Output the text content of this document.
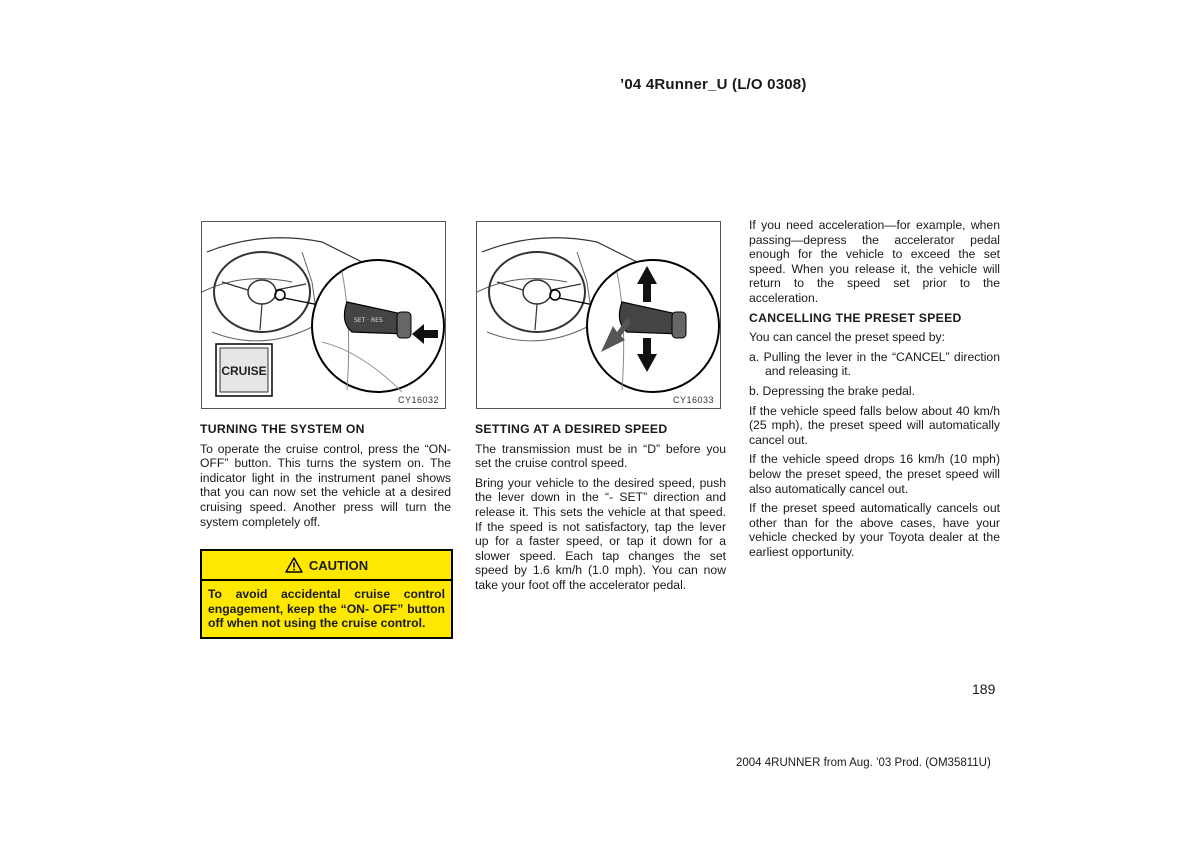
’04 4Runner_U (L/O 0308)
SET · RES
CRUISE
CY16032	CY16033
TURNING THE SYSTEM ON

To operate the cruise control, press the “ON- OFF” button. This turns the system on. The indicator light in the instrument panel shows that you can now set the vehicle at a desired cruising speed. Another press will turn the system completely off.

CAUTION
To avoid accidental cruise control engagement, keep the “ON- OFF” button off when not using the cruise control.
SETTING AT A DESIRED SPEED

The transmission must be in “D” before you set the cruise control speed.

Bring your vehicle to the desired speed, push the lever down in the “- SET” direction and release it. This sets the vehicle at that speed. If the speed is not satisfactory, tap the lever up for a faster speed, or tap it down for a slower speed. Each tap changes the set speed by 1.6 km/h (1.0 mph). You can now take your foot off the accelerator pedal.

If you need acceleration—for example, when passing—depress the accelerator pedal enough for the vehicle to exceed the set speed. When you release it, the vehicle will return to the speed set prior to the acceleration.

CANCELLING THE PRESET SPEED

You can cancel the preset speed by:

a. Pulling the lever in the “CANCEL” direction and releasing it.

b. Depressing the brake pedal.

If the vehicle speed falls below about 40 km/h (25 mph), the preset speed will automatically cancel out.

If the vehicle speed drops 16 km/h (10 mph) below the preset speed, the preset speed will also automatically cancel out.

If the preset speed automatically cancels out other than for the above cases, have your vehicle checked by your Toyota dealer at the earliest opportunity.

189
2004 4RUNNER from Aug. ’03 Prod. (OM35811U)
